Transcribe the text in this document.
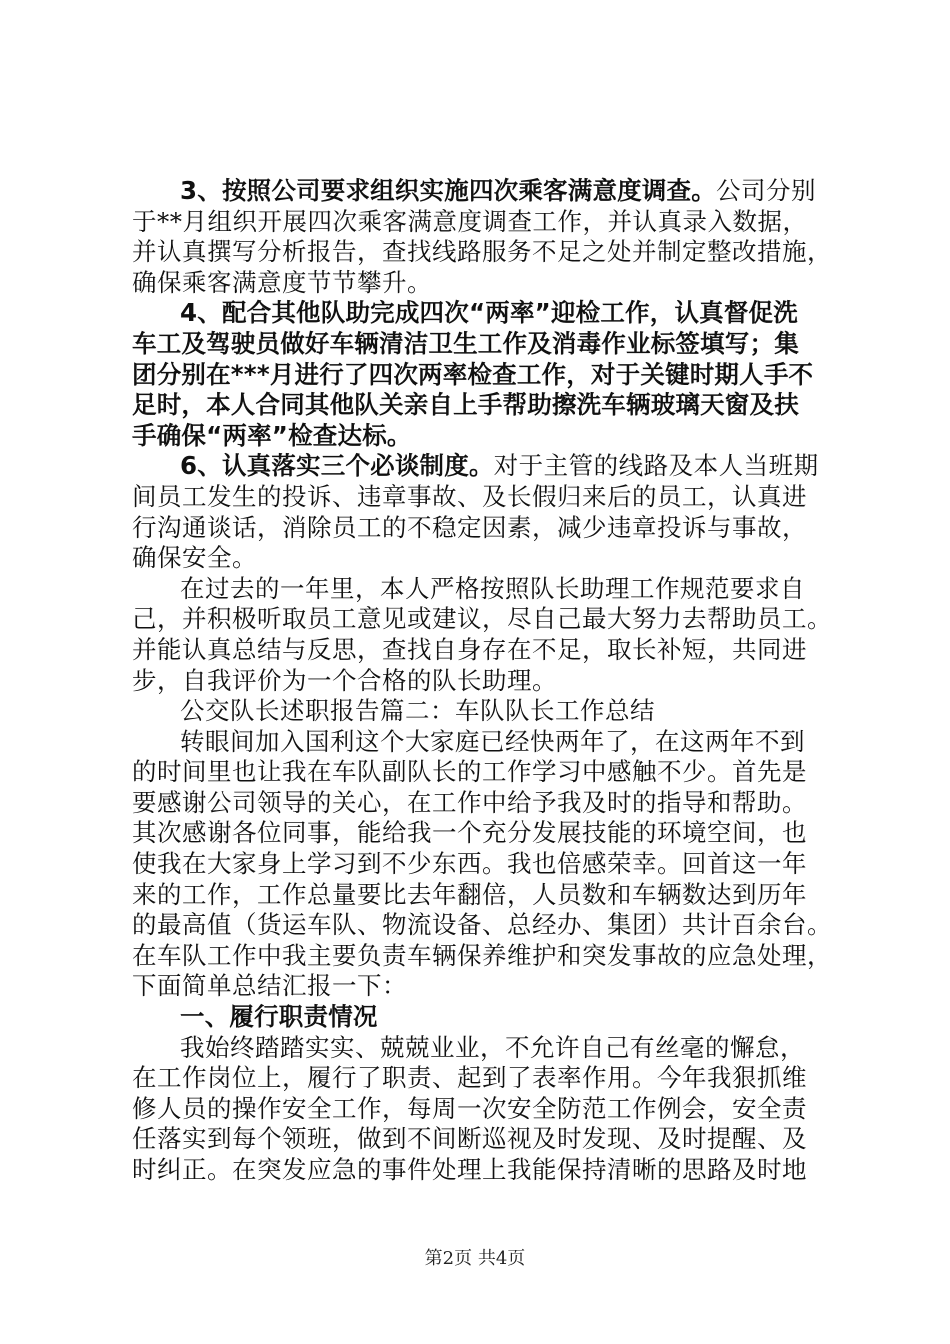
3、按照公司要求组织实施四次乘客满意度调查。公司分别
于**月组织开展四次乘客满意度调查工作，并认真录入数据，
并认真撰写分析报告，查找线路服务不足之处并制定整改措施，
确保乘客满意度节节攀升。
4、配合其他队助完成四次“两率”迎检工作，认真督促洗
车工及驾驶员做好车辆清洁卫生工作及消毒作业标签填写；集
团分别在***月进行了四次两率检查工作，对于关键时期人手不
足时，本人合同其他队关亲自上手帮助擦洗车辆玻璃天窗及扶
手确保“两率”检查达标。
6、认真落实三个必谈制度。对于主管的线路及本人当班期
间员工发生的投诉、违章事故、及长假归来后的员工，认真进
行沟通谈话，消除员工的不稳定因素，减少违章投诉与事故，
确保安全。
在过去的一年里，本人严格按照队长助理工作规范要求自
己，并积极听取员工意见或建议，尽自己最大努力去帮助员工。
并能认真总结与反思，查找自身存在不足，取长补短，共同进
步，自我评价为一个合格的队长助理。
公交队长述职报告篇二：车队队长工作总结
转眼间加入国利这个大家庭已经快两年了，在这两年不到
的时间里也让我在车队副队长的工作学习中感触不少。首先是
要感谢公司领导的关心，在工作中给予我及时的指导和帮助。
其次感谢各位同事，能给我一个充分发展技能的环境空间，也
使我在大家身上学习到不少东西。我也倍感荣幸。回首这一年
来的工作，工作总量要比去年翻倍，人员数和车辆数达到历年
的最高值（货运车队、物流设备、总经办、集团）共计百余台。
在车队工作中我主要负责车辆保养维护和突发事故的应急处理，
下面简单总结汇报一下：
一、履行职责情况
我始终踏踏实实、兢兢业业，不允许自己有丝毫的懈怠，
在工作岗位上，履行了职责、起到了表率作用。今年我狠抓维
修人员的操作安全工作，每周一次安全防范工作例会，安全责
任落实到每个领班，做到不间断巡视及时发现、及时提醒、及
时纠正。在突发应急的事件处理上我能保持清晰的思路及时地
第2页 共4页
